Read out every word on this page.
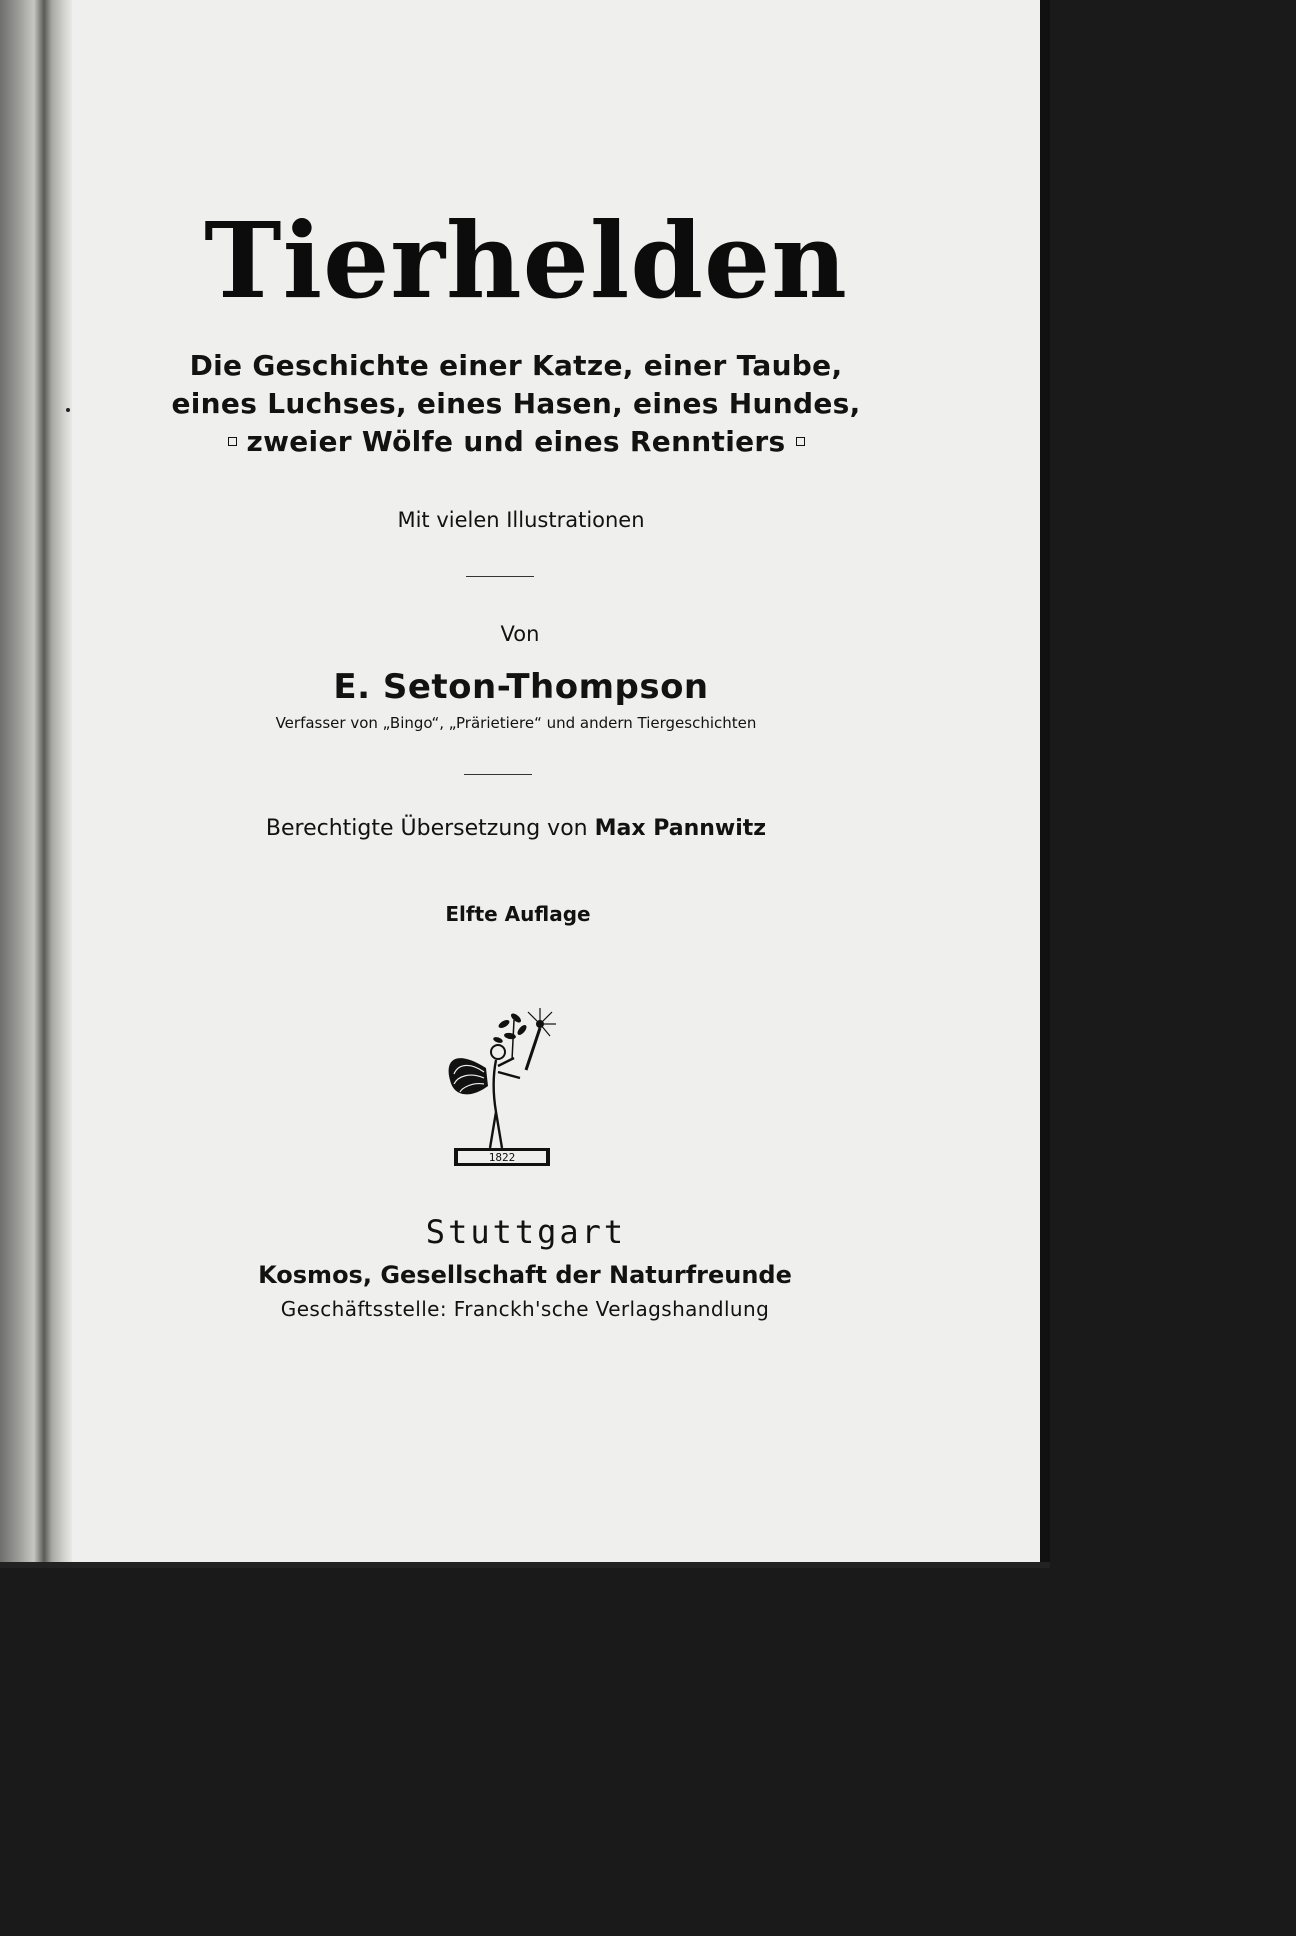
Tierhelden

Die Geschichte einer Katze, einer Taube,

eines Luchses, eines Hasen, eines Hundes,

zweier Wölfe und eines Renntiers

Mit vielen Illustrationen

Von

E. Seton-Thompson

Verfasser von „Bingo“, „Prärietiere“ und andern Tiergeschichten

Berechtigte Übersetzung von Max Pannwitz

Elfte Auflage

1822

Stuttgart

Kosmos, Gesellschaft der Naturfreunde

Geschäftsstelle: Franckh'sche Verlagshandlung
